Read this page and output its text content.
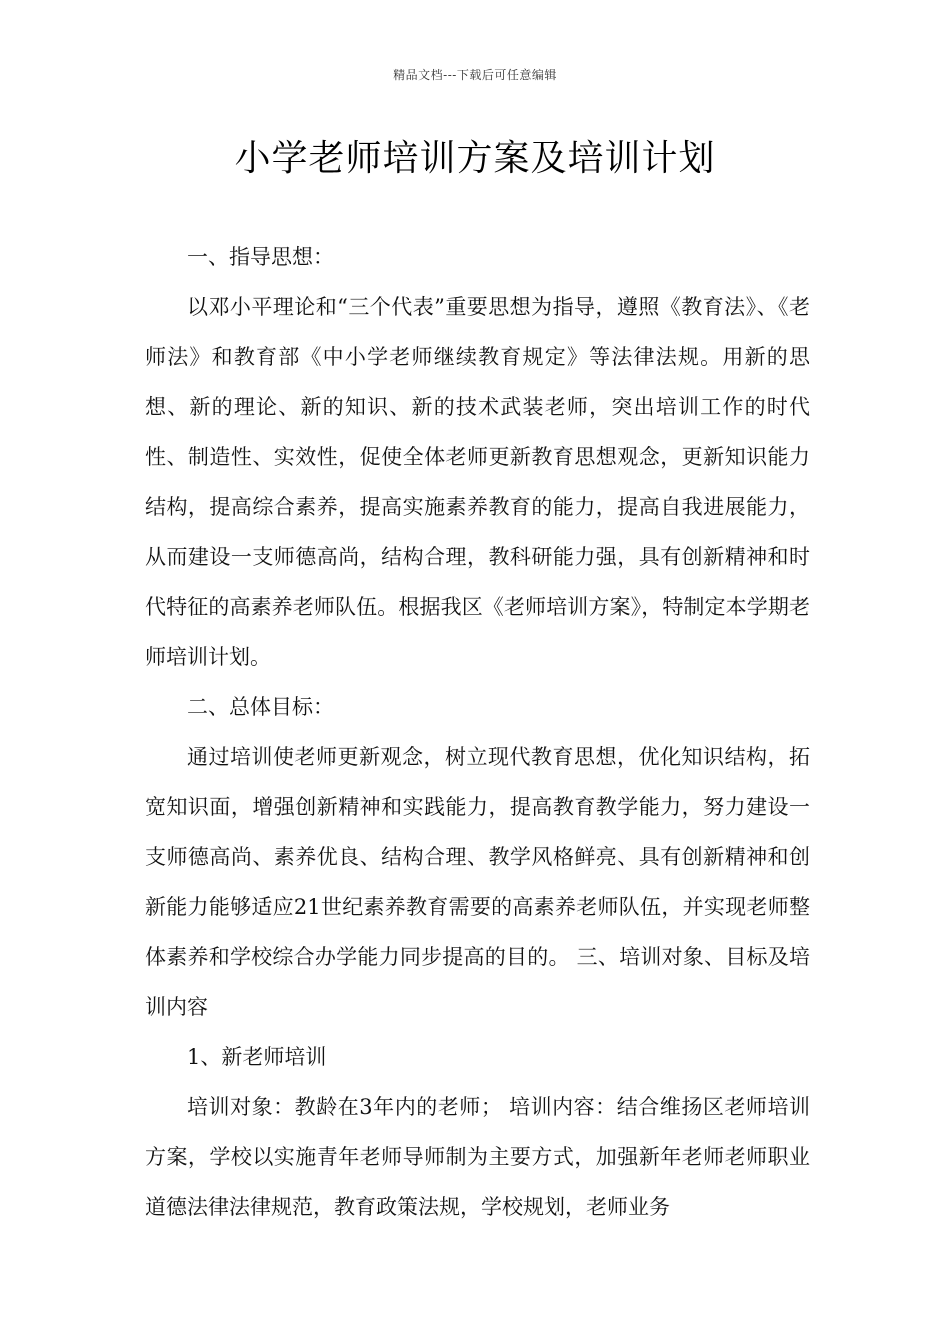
精品文档---下载后可任意编辑
小学老师培训方案及培训计划

一、指导思想：

以邓小平理论和“三个代表”重要思想为指导，遵照《教育法》、《老师法》和教育部《中小学老师继续教育规定》等法律法规。用新的思想、新的理论、新的知识、新的技术武装老师，突出培训工作的时代性、制造性、实效性，促使全体老师更新教育思想观念，更新知识能力结构，提高综合素养，提高实施素养教育的能力，提高自我进展能力，从而建设一支师德高尚，结构合理，教科研能力强，具有创新精神和时代特征的高素养老师队伍。根据我区《老师培训方案》，特制定本学期老师培训计划。

二、总体目标：

通过培训使老师更新观念，树立现代教育思想，优化知识结构，拓宽知识面，增强创新精神和实践能力，提高教育教学能力，努力建设一支师德高尚、素养优良、结构合理、教学风格鲜亮、具有创新精神和创新能力能够适应21世纪素养教育需要的高素养老师队伍，并实现老师整体素养和学校综合办学能力同步提高的目的。 三、培训对象、目标及培训内容

1、新老师培训

培训对象：教龄在3年内的老师； 培训内容：结合维扬区老师培训方案，学校以实施青年老师导师制为主要方式，加强新年老师老师职业道德法律法律规范，教育政策法规，学校规划，老师业务
